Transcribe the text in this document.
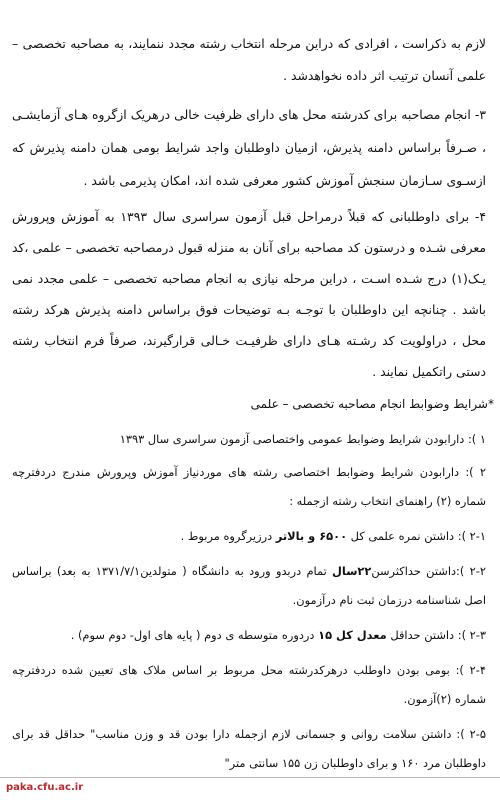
لازم به ذکراست ، افرادی که دراین مرحله انتخاب رشته مجدد ننمایند، به مصاحبه تخصصی – علمی آنسان ترتیب اثر داده نخواهدشد .

۳- انجام مصاحبه برای کدرشته محل های دارای ظرفیت خالی درهریک ازگروه هـای آزمایشـی ، صـرفاً براساس دامنه پذیرش، ازمیان داوطلبان واجد شرایط بومی همان دامنه پذیرش که ازسـوی سـازمان سنجش آموزش کشور معرفی شده اند، امکان پذیرمی باشد .

۴- برای داوطلبانی که قبلاً درمراحل قبل آزمون سراسری سال ۱۳۹۳ به آموزش وپرورش معرفی شـده و درستون کد مصاحبه برای آنان به منزله قبول درمصاحبه تخصصی – علمی ،کد یـک(۱) درج شـده اسـت ، دراین مرحله نیازی به انجام مصاحبه تخصصی – علمی مجدد نمی باشد . چنانچه این داوطلبان با توجـه بـه توضیحات فوق براساس دامنه پذیرش هرکد رشته محل ، دراولویت کد رشـته هـای دارای ظرفیـت خـالی قرارگیرند، صرفاً فرم انتخاب رشته دستی راتکمیل نمایند .

*شرایط وضوابط انجام مصاحبه تخصصی – علمی

۱ ): دارابودن شرایط وضوابط عمومی واختصاصی آزمون سراسری سال ۱۳۹۳

۲ ): دارابودن شرایط وضوابط اختصاصی رشته های موردنیاز آموزش وپرورش مندرج دردفترچه شماره (۲) راهنمای انتخاب رشته ازجمله :

۲-۱ ): داشتن نمره علمی کل ۶۵۰۰ و بالاتر درزیرگروه مربوط .

۲-۲ ):داشتن حداکثرسن۲۲سال تمام دربدو ورود به دانشگاه ( متولدین۱۳۷۱/۷/۱ به بعد) براساس اصل شناسنامه درزمان ثبت نام درآزمون.

۲-۳ ): داشتن حداقل معدل کل ۱۵ دردوره متوسطه ی دوم ( پایه های اول- دوم سوم) .

۲-۴ ): بومی بودن داوطلب درهرکدرشته محل مربوط بر اساس ملاک های تعیین شده دردفترچه شماره (۲)آزمون.

۲-۵ ): داشتن سلامت روانی و جسمانی لازم ازجمله دارا بودن قد و وزن مناسب" حداقل قد برای داوطلبان مرد ۱۶۰ و برای داوطلبان زن ۱۵۵ سانتی متر"

paka.cfu.ac.ir
